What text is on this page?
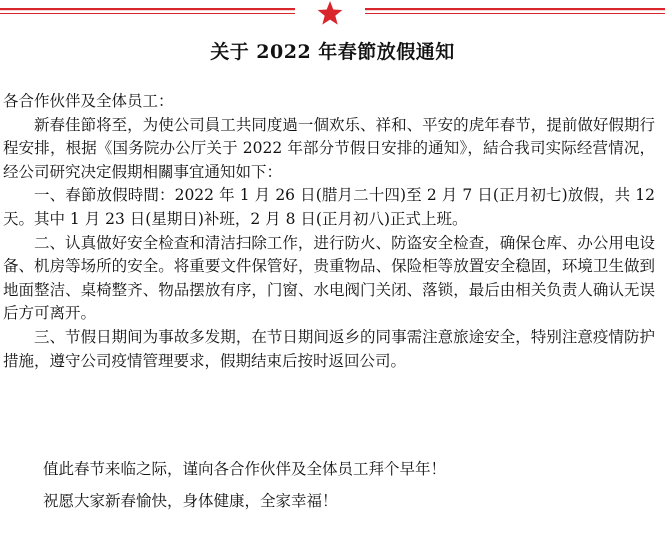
关于 2022 年春節放假通知

各合作伙伴及全体员工：

新春佳節将至，为使公司員工共同度過一個欢乐、祥和、平安的虎年春节，提前做好假期行程安排，根据《国务院办公厅关于 2022 年部分节假日安排的通知》，結合我司实际经营情况，经公司研究决定假期相關事宜通知如下：

一、春節放假時間：2022 年 1 月 26 日(腊月二十四)至 2 月 7 日(正月初七)放假，共 12 天。其中 1 月 23 日(星期日)补班，2 月 8 日(正月初八)正式上班。

二、认真做好安全检查和清洁扫除工作，进行防火、防盗安全检查，确保仓库、办公用电设备、机房等场所的安全。将重要文件保管好，贵重物品、保险柜等放置安全稳固，环境卫生做到地面整洁、桌椅整齐、物品摆放有序，门窗、水电阀门关闭、落锁，最后由相关负责人确认无误后方可离开。

三、节假日期间为事故多发期，在节日期间返乡的同事需注意旅途安全，特别注意疫情防护措施，遵守公司疫情管理要求，假期结束后按时返回公司。

值此春节来临之际，谨向各合作伙伴及全体员工拜个早年！

祝愿大家新春愉快，身体健康，全家幸福！
